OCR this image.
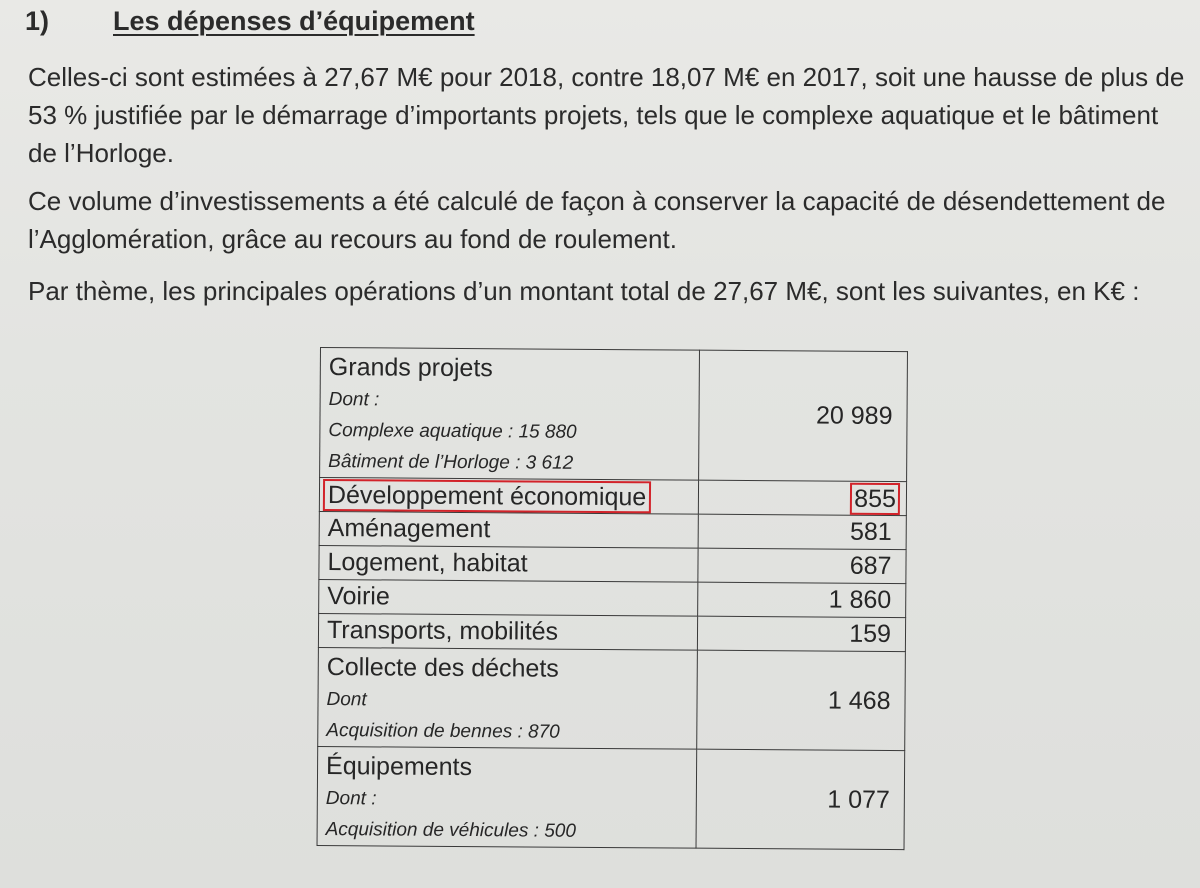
1) Les dépenses d’équipement
Celles-ci sont estimées à 27,67 M€ pour 2018, contre 18,07 M€ en 2017, soit une hausse de plus de
53 % justifiée par le démarrage d’importants projets, tels que le complexe aquatique et le bâtiment
de l’Horloge.
Ce volume d’investissements a été calculé de façon à conserver la capacité de désendettement de
l’Agglomération, grâce au recours au fond de roulement.
Par thème, les principales opérations d’un montant total de 27,67 M€, sont les suivantes, en K€ :
Grands projets
Dont :
Complexe aquatique : 15 880
Bâtiment de l’Horloge : 3 612	20 989
Développement économique	855
Aménagement	581
Logement, habitat	687
Voirie	1 860
Transports, mobilités	159

Collecte des déchets
Dont
Acquisition de bennes : 870	1 468

Équipements
Dont :
Acquisition de véhicules : 500	1 077
